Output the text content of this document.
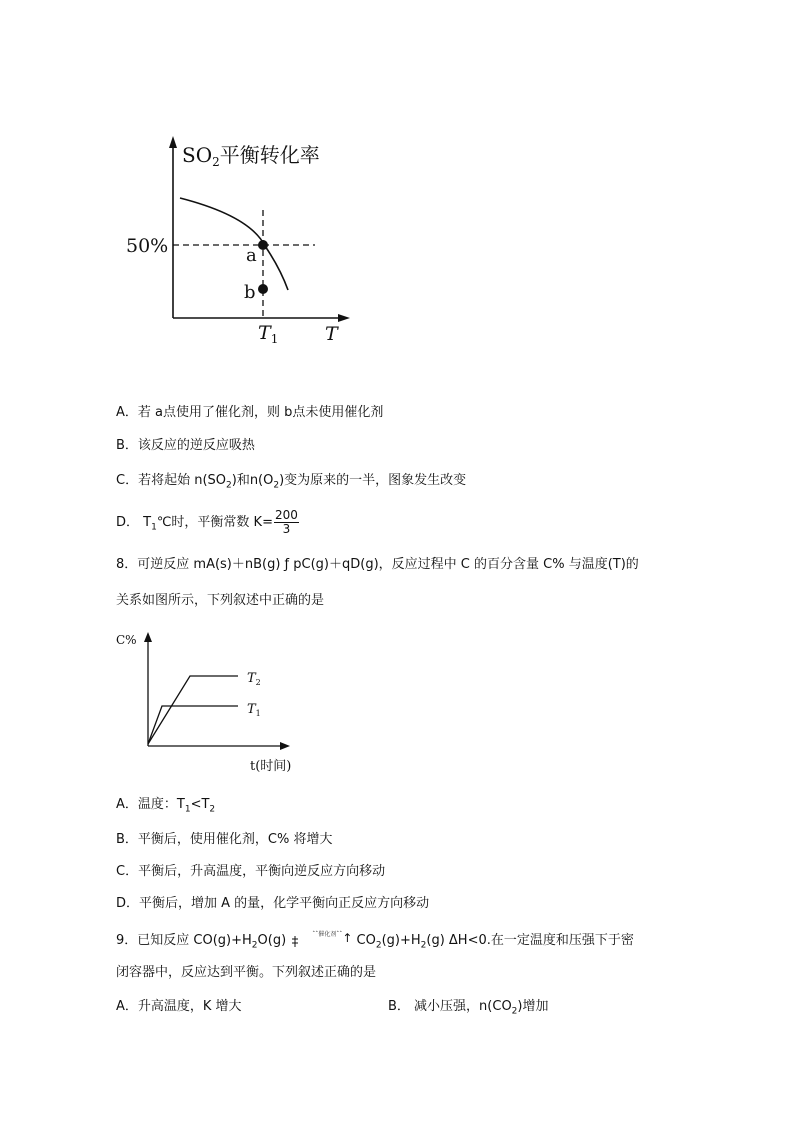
$SO_2$平衡转化率
a
b
50%
$T_1$ T
A．若 a点使用了催化剂，则 b点未使用催化剂
B．该反应的逆反应吸热
C．若将起始 $n(SO_2)$和$n(O_2)$变为原来的一半，图象发生改变
D． $T_1℃$时，平衡常数 $K= \frac{200}{3}$
8．可逆反应 mA(s)＋nB(g) ƒ pC(g)＋qD(g)，反应过程中 C 的百分含量 C% 与温度(T)的
关系如图所示，下列叙述中正确的是
C%
$T_2$
$T_1$
t(时间)
A．温度：$T_1<T_2$
B．平衡后，使用催化剂，C% 将增大
C．平衡后，升高温度，平衡向逆反应方向移动
D．平衡后，增加 A 的量，化学平衡向正反应方向移动
9．已知反应 $CO(g)+H_2O(g)$	$^{ˆˆ催化剂ˆˆ}$↑ $CO_2(g)+H_2(g)$ ΔH<0.在一定温度和压强下于密
闭容器中，反应达到平衡。下列叙述正确的是
A．升高温度，K 增大	B． 减小压强，$n(CO_2)$增加
